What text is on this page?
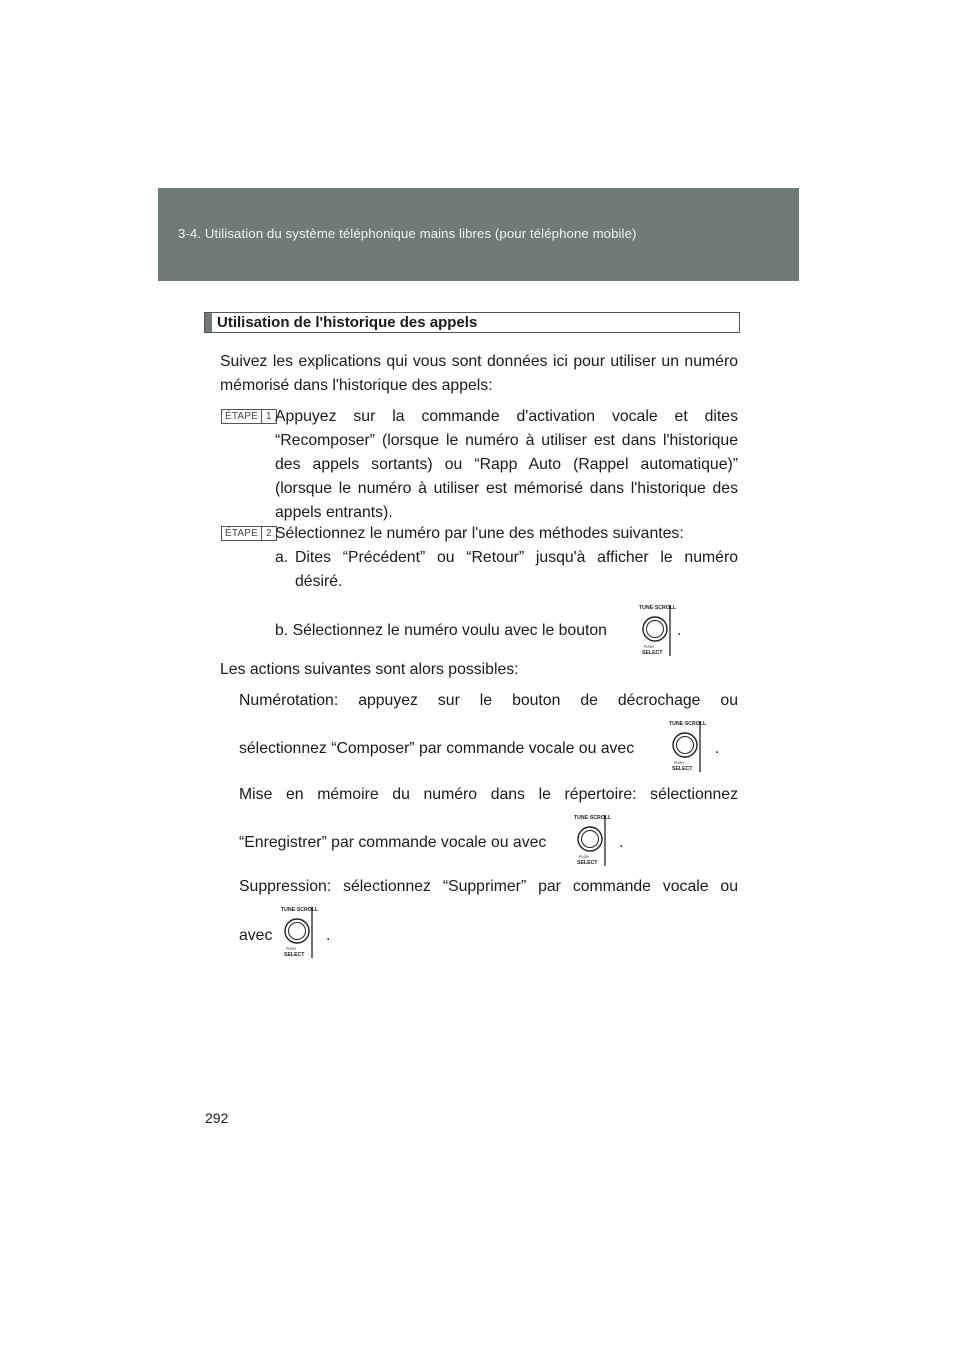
3-4. Utilisation du système téléphonique mains libres (pour téléphone mobile)
Utilisation de l'historique des appels
Suivez les explications qui vous sont données ici pour utiliser un numéro mémorisé dans l'historique des appels:
ÉTAPE 1 Appuyez sur la commande d'activation vocale et dites “Recomposer” (lorsque le numéro à utiliser est dans l'historique des appels sortants) ou “Rapp Auto (Rappel automatique)” (lorsque le numéro à utiliser est mémorisé dans l'historique des appels entrants).
ÉTAPE 2 Sélectionnez le numéro par l'une des méthodes suivantes:
a. Dites “Précédent” ou “Retour” jusqu'à afficher le numéro désiré.
b. Sélectionnez le numéro voulu avec le bouton	.
Les actions suivantes sont alors possibles:
Numérotation: appuyez sur le bouton de décrochage ou
sélectionnez “Composer” par commande vocale ou avec	.
Mise en mémoire du numéro dans le répertoire: sélectionnez
“Enregistrer” par commande vocale ou avec	.
Suppression: sélectionnez “Supprimer” par commande vocale ou
avec	.
292
